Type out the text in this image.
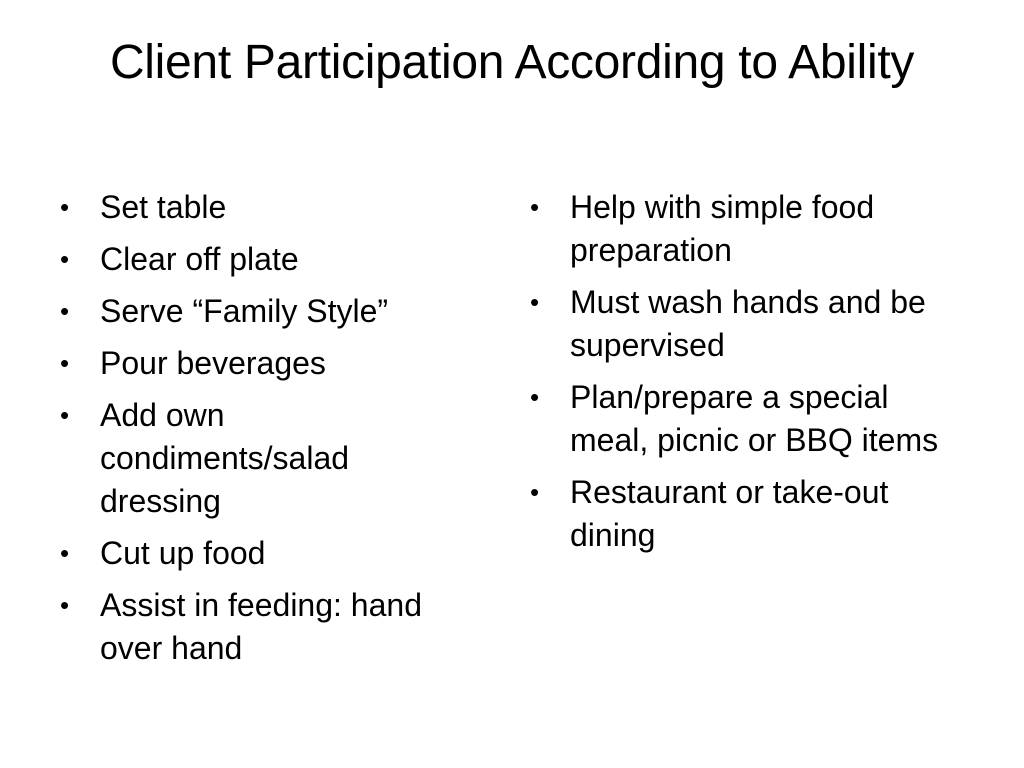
Client Participation According to Ability
• Set table
• Clear off plate
• Serve “Family Style”
• Pour beverages
• Add own condiments/salad dressing
• Cut up food
• Assist in feeding: hand over hand
• Help with simple food preparation
• Must wash hands and be supervised
• Plan/prepare a special meal, picnic or BBQ items
• Restaurant or take-out dining
